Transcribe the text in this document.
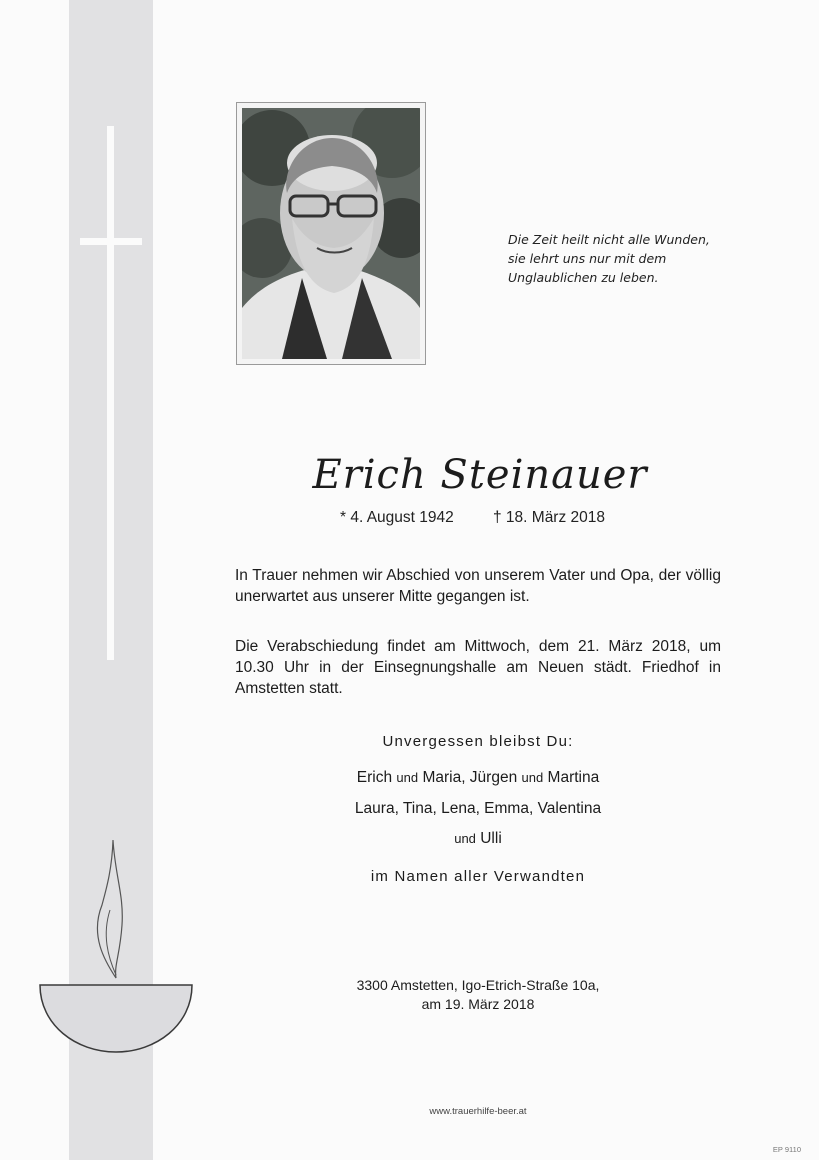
Die Zeit heilt nicht alle Wunden,
sie lehrt uns nur mit dem
Unglaublichen zu leben.
Erich Steinauer
* 4. August 1942	† 18. März 2018
In Trauer nehmen wir Abschied von unserem Vater und Opa, der völlig unerwartet aus unserer Mitte gegangen ist.
Die Verabschiedung findet am Mittwoch, dem 21. März 2018, um 10.30 Uhr in der Einsegnungshalle am Neuen städt. Friedhof in Amstetten statt.
Unvergessen bleibst Du:
Erich und Maria, Jürgen und Martina
Laura, Tina, Lena, Emma, Valentina
und Ulli
im Namen aller Verwandten
3300 Amstetten, Igo-Etrich-Straße 10a,
am 19. März 2018
www.trauerhilfe-beer.at
EP 9110
